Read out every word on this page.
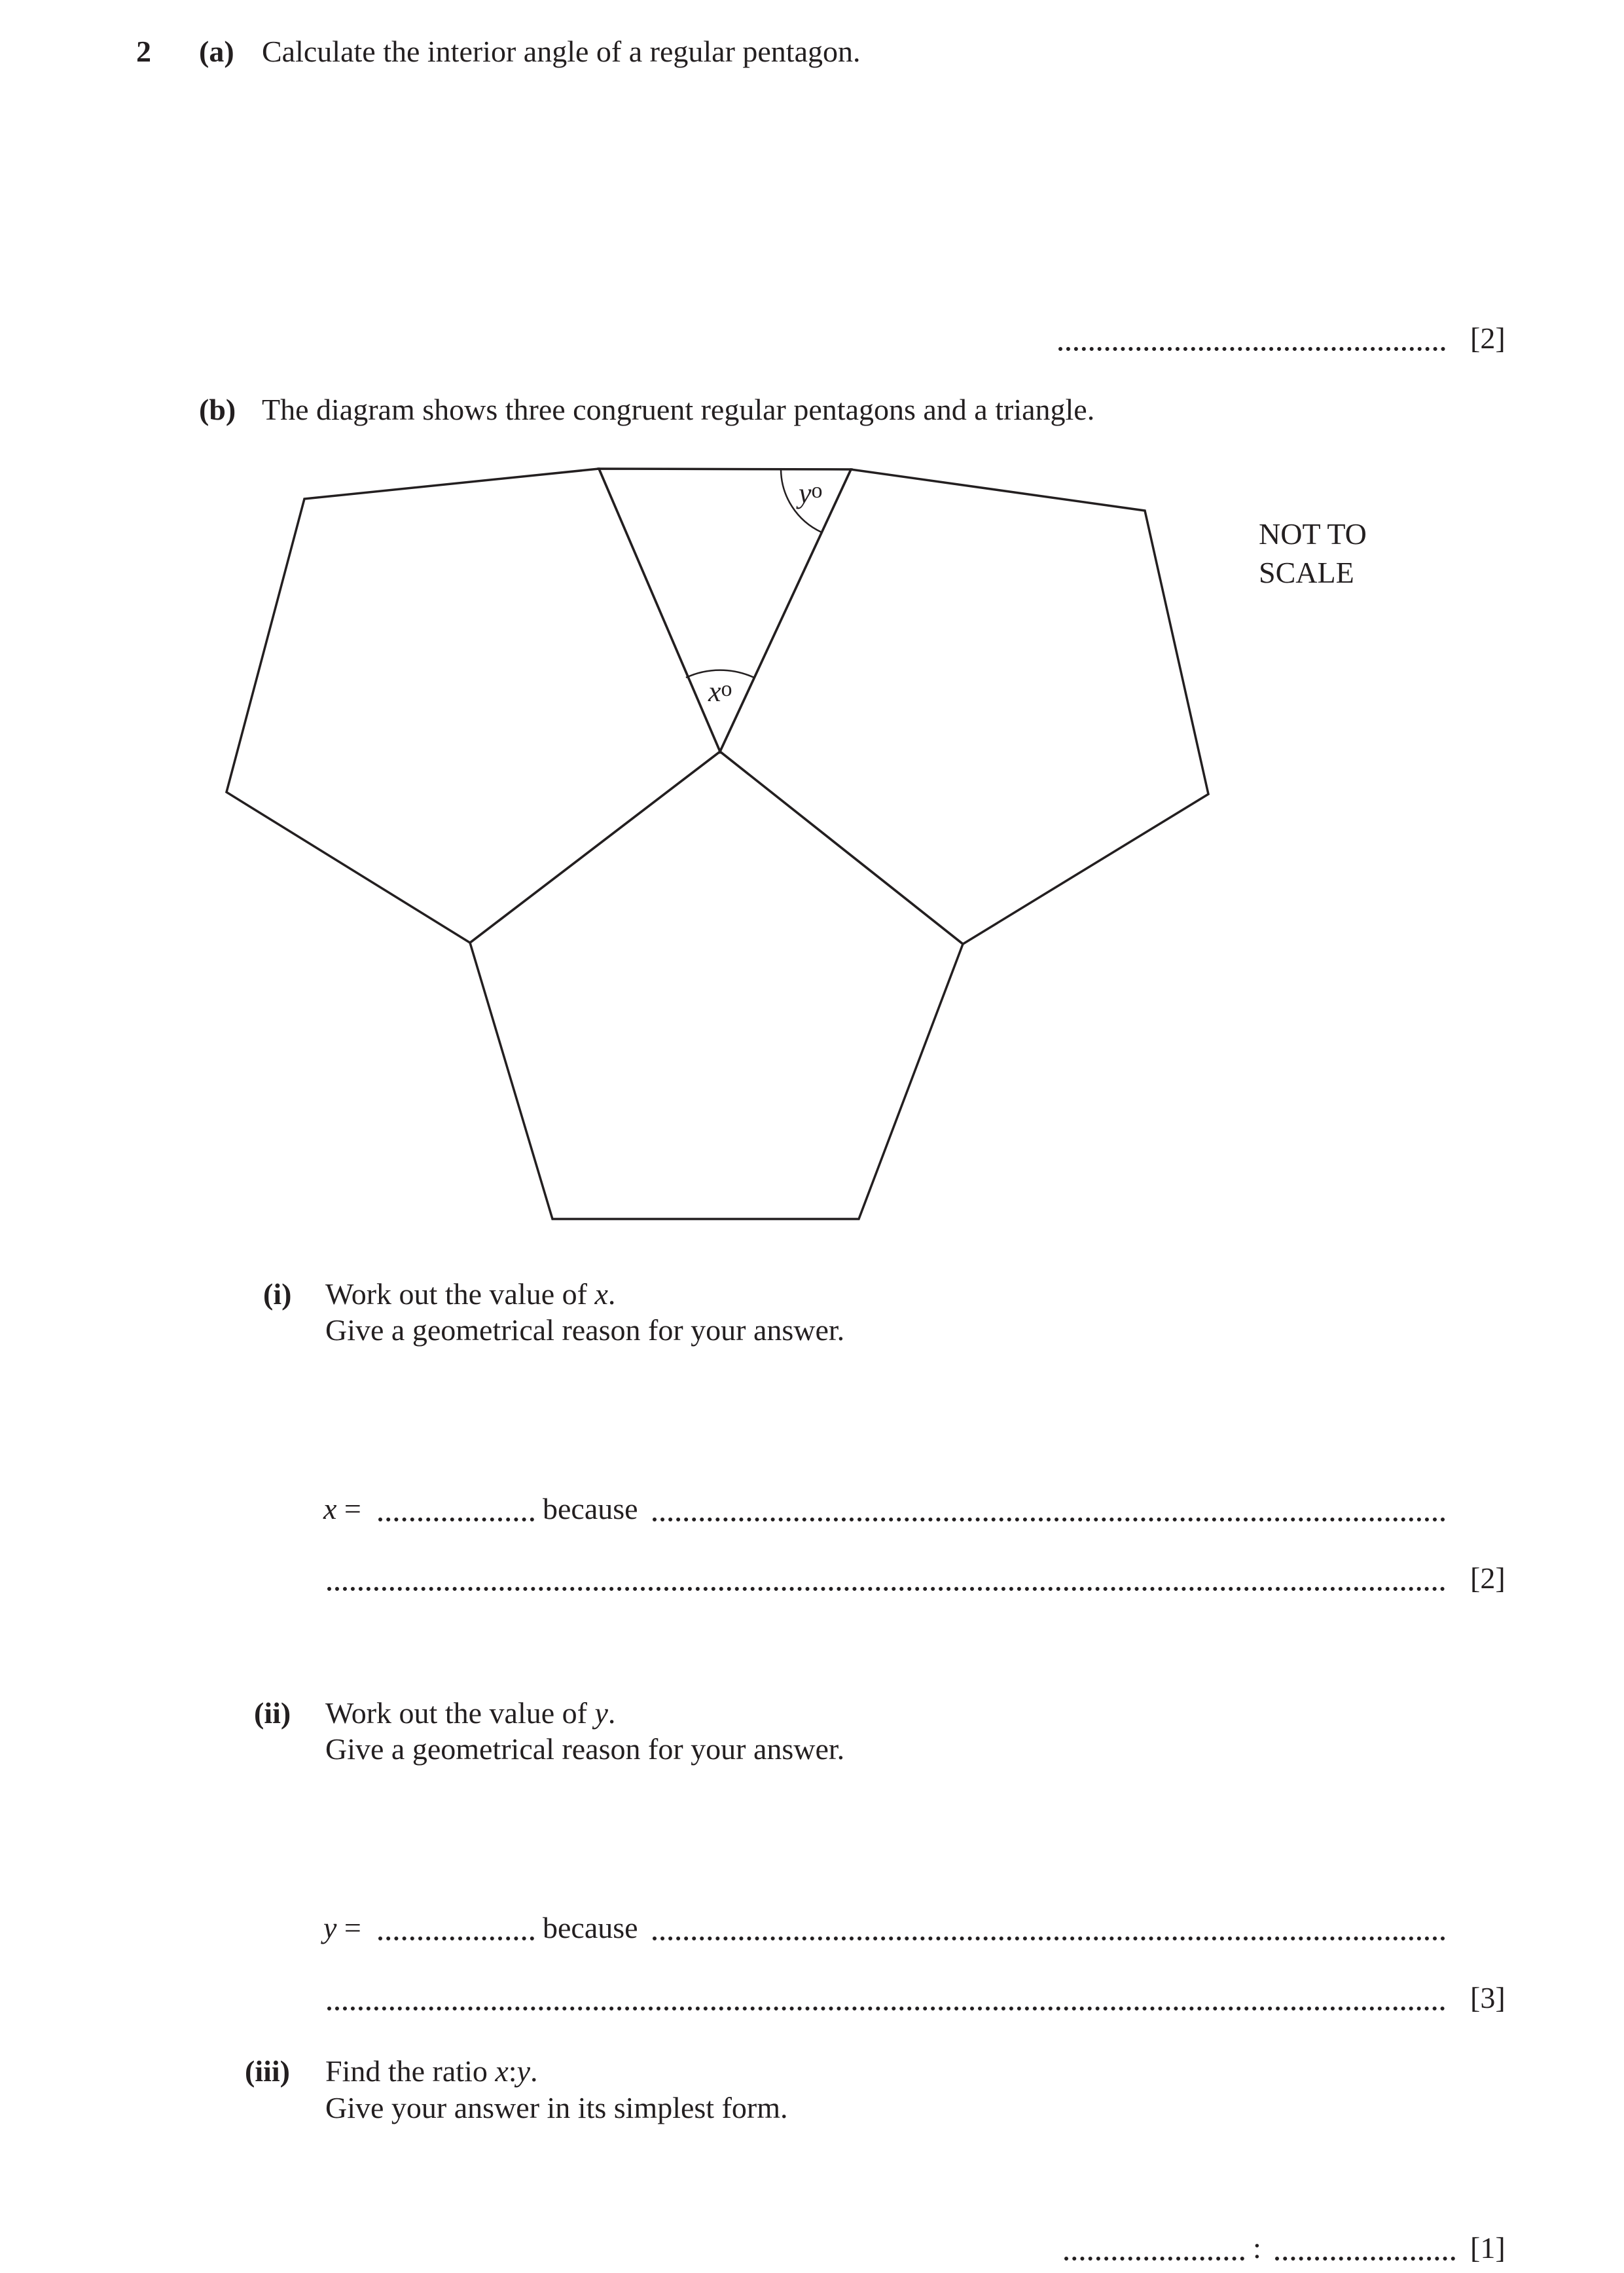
2 (a) Calculate the interior angle of a regular pentagon.
[2]
(b) The diagram shows three congruent regular pentagons and a triangle.
xo
yo
NOT TO
SCALE
(i) Work out the value of x.
Give a geometrical reason for your answer.
x =	because
[2]
(ii) Work out the value of y.
Give a geometrical reason for your answer.
y =	because
[3]
(iii) Find the ratio x:y.
Give your answer in its simplest form.
:	[1]
